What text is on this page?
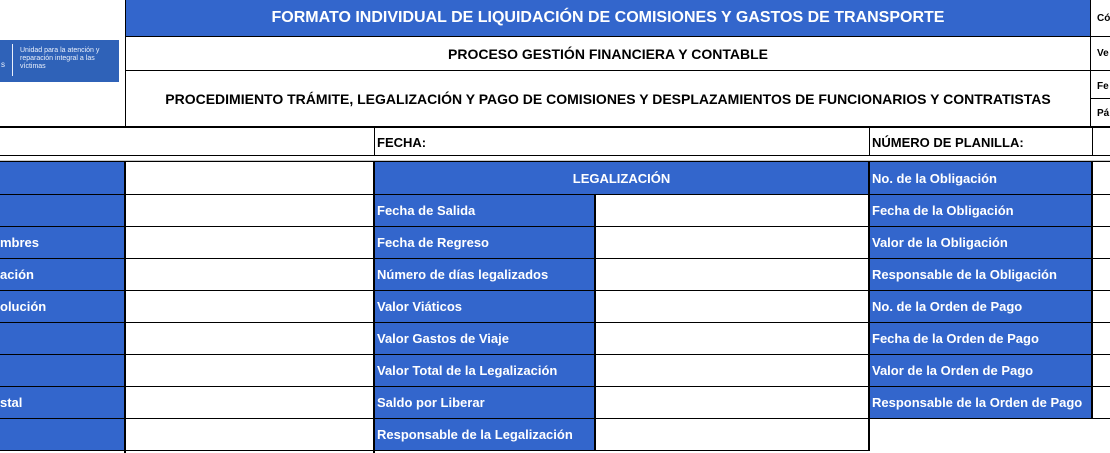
s
Unidad para la atención y reparación integral a las víctimas
FORMATO INDIVIDUAL DE LIQUIDACIÓN DE COMISIONES Y GASTOS DE TRANSPORTE
PROCESO GESTIÓN FINANCIERA Y CONTABLE
PROCEDIMIENTO TRÁMITE, LEGALIZACIÓN Y PAGO DE COMISIONES Y DESPLAZAMIENTOS DE FUNCIONARIOS Y CONTRATISTAS
Có
Ve
Fe
Pá
FECHA:	NÚMERO DE PLANILLA:
mbres
ación
olución
stal
LEGALIZACIÓN
Fecha de Salida
Fecha de Regreso
Número de días legalizados
Valor Viáticos
Valor Gastos de Viaje
Valor Total de la Legalización
Saldo por Liberar
Responsable de la Legalización
No. de la Obligación
Fecha de la Obligación
Valor de la Obligación
Responsable de la Obligación
No. de la Orden de Pago
Fecha de la Orden de Pago
Valor de la Orden de Pago
Responsable de la Orden de Pago
